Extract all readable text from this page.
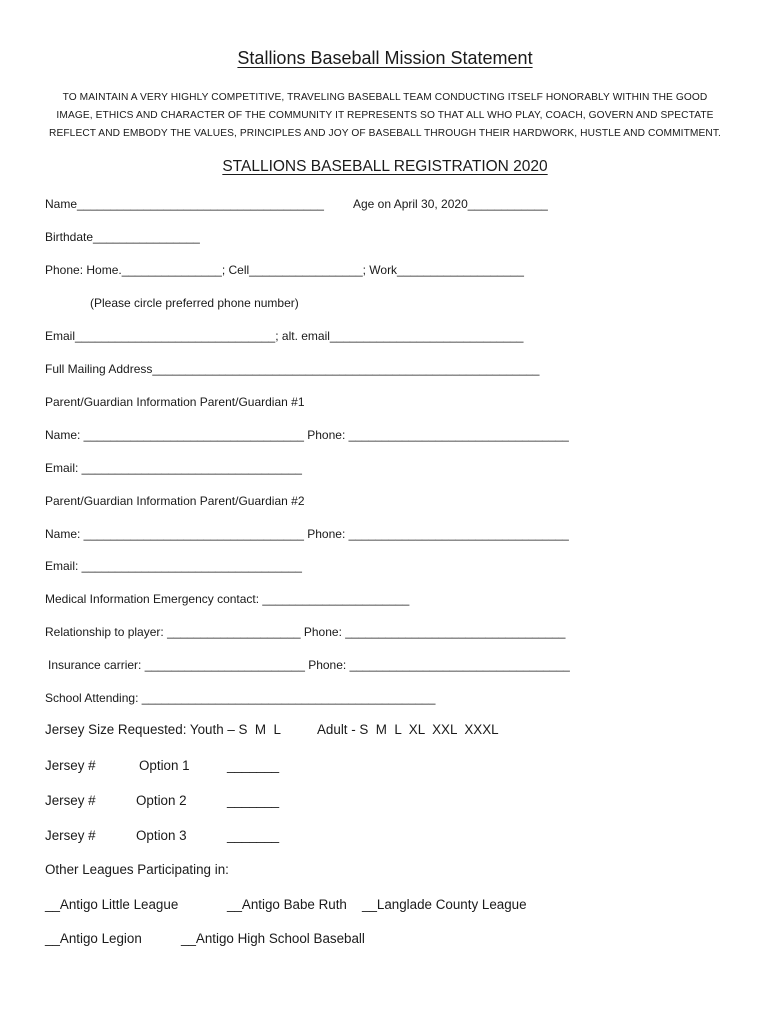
Stallions Baseball Mission Statement
TO MAINTAIN A VERY HIGHLY COMPETITIVE, TRAVELING BASEBALL TEAM CONDUCTING ITSELF HONORABLY WITHIN THE GOOD
IMAGE, ETHICS AND CHARACTER OF THE COMMUNITY IT REPRESENTS SO THAT ALL WHO PLAY, COACH, GOVERN AND SPECTATE
REFLECT AND EMBODY THE VALUES, PRINCIPLES AND JOY OF BASEBALL THROUGH THEIR HARDWORK, HUSTLE AND COMMITMENT.
STALLIONS BASEBALL REGISTRATION 2020
Name_____________________________________ Age on April 30, 2020____________
Birthdate________________
Phone: Home._______________; Cell_________________; Work___________________
(Please circle preferred phone number)
Email______________________________; alt. email_____________________________
Full Mailing Address__________________________________________________________
Parent/Guardian Information Parent/Guardian #1
Name: _________________________________ Phone: _________________________________
Email: _________________________________
Parent/Guardian Information Parent/Guardian #2
Name: _________________________________ Phone: _________________________________
Email: _________________________________
Medical Information Emergency contact: ______________________
Relationship to player: ____________________ Phone: _________________________________
Insurance carrier: ________________________ Phone: _________________________________
School Attending: ____________________________________________
Jersey Size Requested: Youth – S  M  L	Adult - S  M  L  XL  XXL  XXXL
Jersey #	Option 1	_______
Jersey #	Option 2	_______
Jersey #	Option 3	_______
Other Leagues Participating in:
__Antigo Little League	__Antigo Babe Ruth __Langlade County League
__Antigo Legion	__Antigo High School Baseball
